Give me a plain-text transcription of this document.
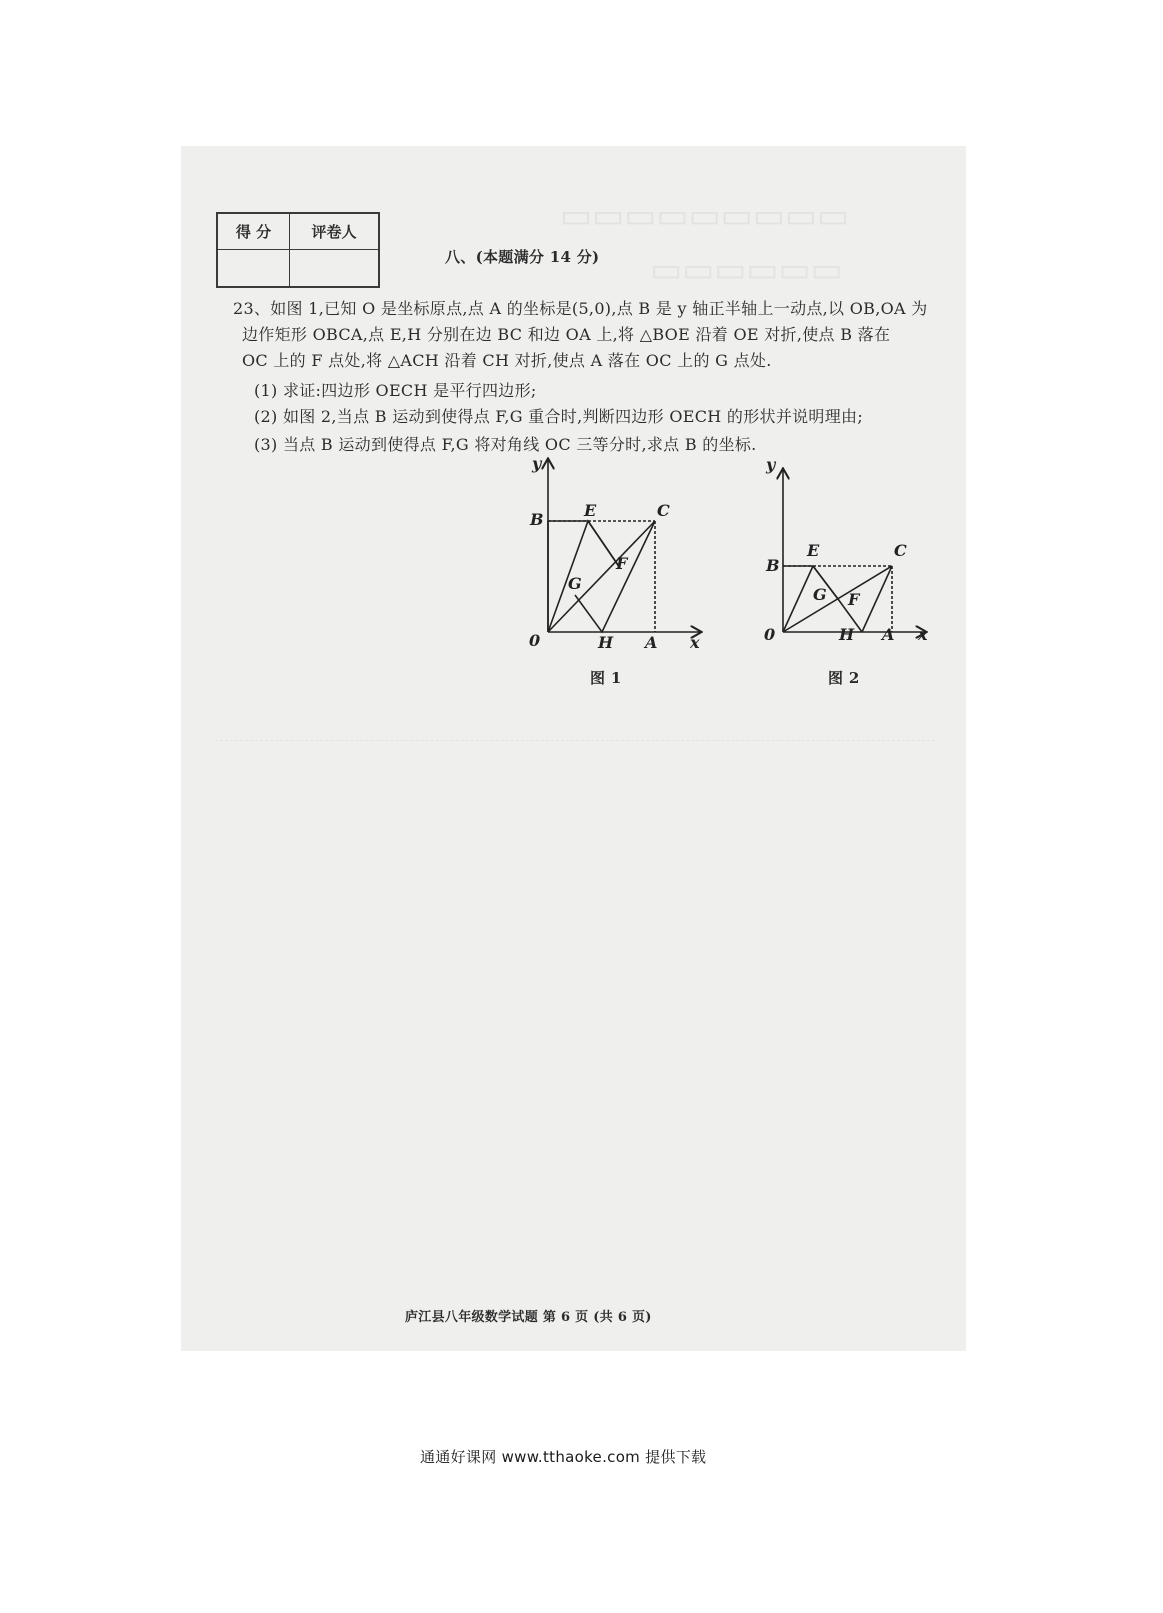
▭▭▭▭▭▭▭▭▭
▭▭▭▭▭▭
得 分	评卷人
八、(本题满分 14 分)
23、如图 1,已知 O 是坐标原点,点 A 的坐标是(5,0),点 B 是 y 轴正半轴上一动点,以 OB,OA 为
边作矩形 OBCA,点 E,H 分别在边 BC 和边 OA 上,将 △BOE 沿着 OE 对折,使点 B 落在
OC 上的 F 点处,将 △ACH 沿着 CH 对折,使点 A 落在 OC 上的 G 点处.
(1) 求证:四边形 OECH 是平行四边形;
(2) 如图 2,当点 B 运动到使得点 F,G 重合时,判断四边形 OECH 的形状并说明理由;
(3) 当点 B 运动到使得点 F,G 将对角线 OC 三等分时,求点 B 的坐标.
y
B	E	C
G
F
0	H A x
y
B
E	C
G F
0	H A x
图 1	图 2
庐江县八年级数学试题 第 6 页 (共 6 页)
通通好课网 www.tthaoke.com 提供下载
